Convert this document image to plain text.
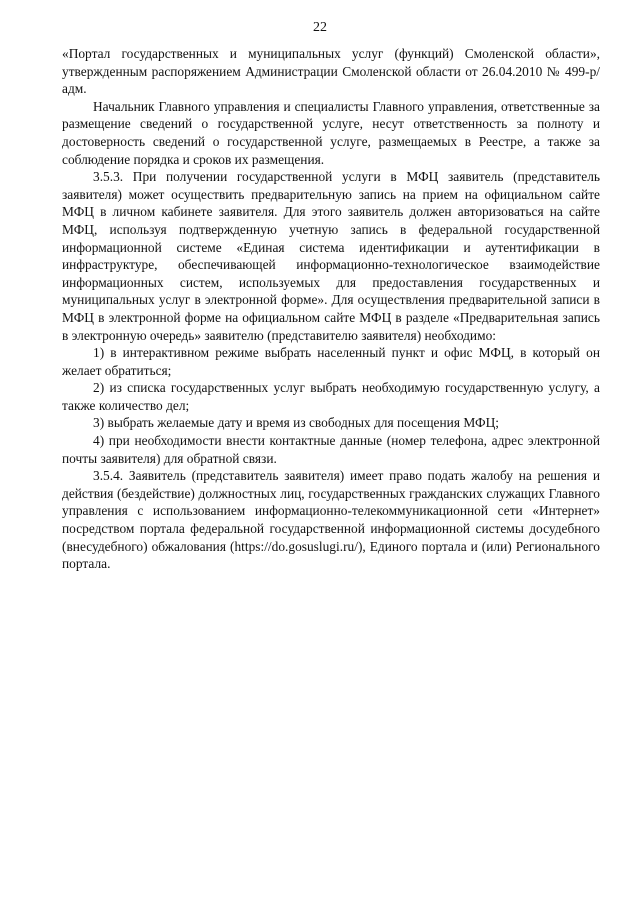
22

«Портал государственных и муниципальных услуг (функций) Смоленской области», утвержденным распоряжением Администрации Смоленской области от 26.04.2010 № 499-р/адм.

Начальник Главного управления и специалисты Главного управления, ответственные за размещение сведений о государственной услуге, несут ответственность за полноту и достоверность сведений о государственной услуге, размещаемых в Реестре, а также за соблюдение порядка и сроков их размещения.

3.5.3. При получении государственной услуги в МФЦ заявитель (представитель заявителя) может осуществить предварительную запись на прием на официальном сайте МФЦ в личном кабинете заявителя. Для этого заявитель должен авторизоваться на сайте МФЦ, используя подтвержденную учетную запись в федеральной государственной информационной системе «Единая система идентификации и аутентификации в инфраструктуре, обеспечивающей информационно-технологическое взаимодействие информационных систем, используемых для предоставления государственных и муниципальных услуг в электронной форме». Для осуществления предварительной записи в МФЦ в электронной форме на официальном сайте МФЦ в разделе «Предварительная запись в электронную очередь» заявителю (представителю заявителя) необходимо:

1) в интерактивном режиме выбрать населенный пункт и офис МФЦ, в который он желает обратиться;

2) из списка государственных услуг выбрать необходимую государственную услугу, а также количество дел;

3) выбрать желаемые дату и время из свободных для посещения МФЦ;

4) при необходимости внести контактные данные (номер телефона, адрес электронной почты заявителя) для обратной связи.

3.5.4. Заявитель (представитель заявителя) имеет право подать жалобу на решения и действия (бездействие) должностных лиц, государственных гражданских служащих Главного управления с использованием информационно-телекоммуникационной сети «Интернет» посредством портала федеральной государственной информационной системы досудебного (внесудебного) обжалования (https://do.gosuslugi.ru/), Единого портала и (или) Регионального портала.
